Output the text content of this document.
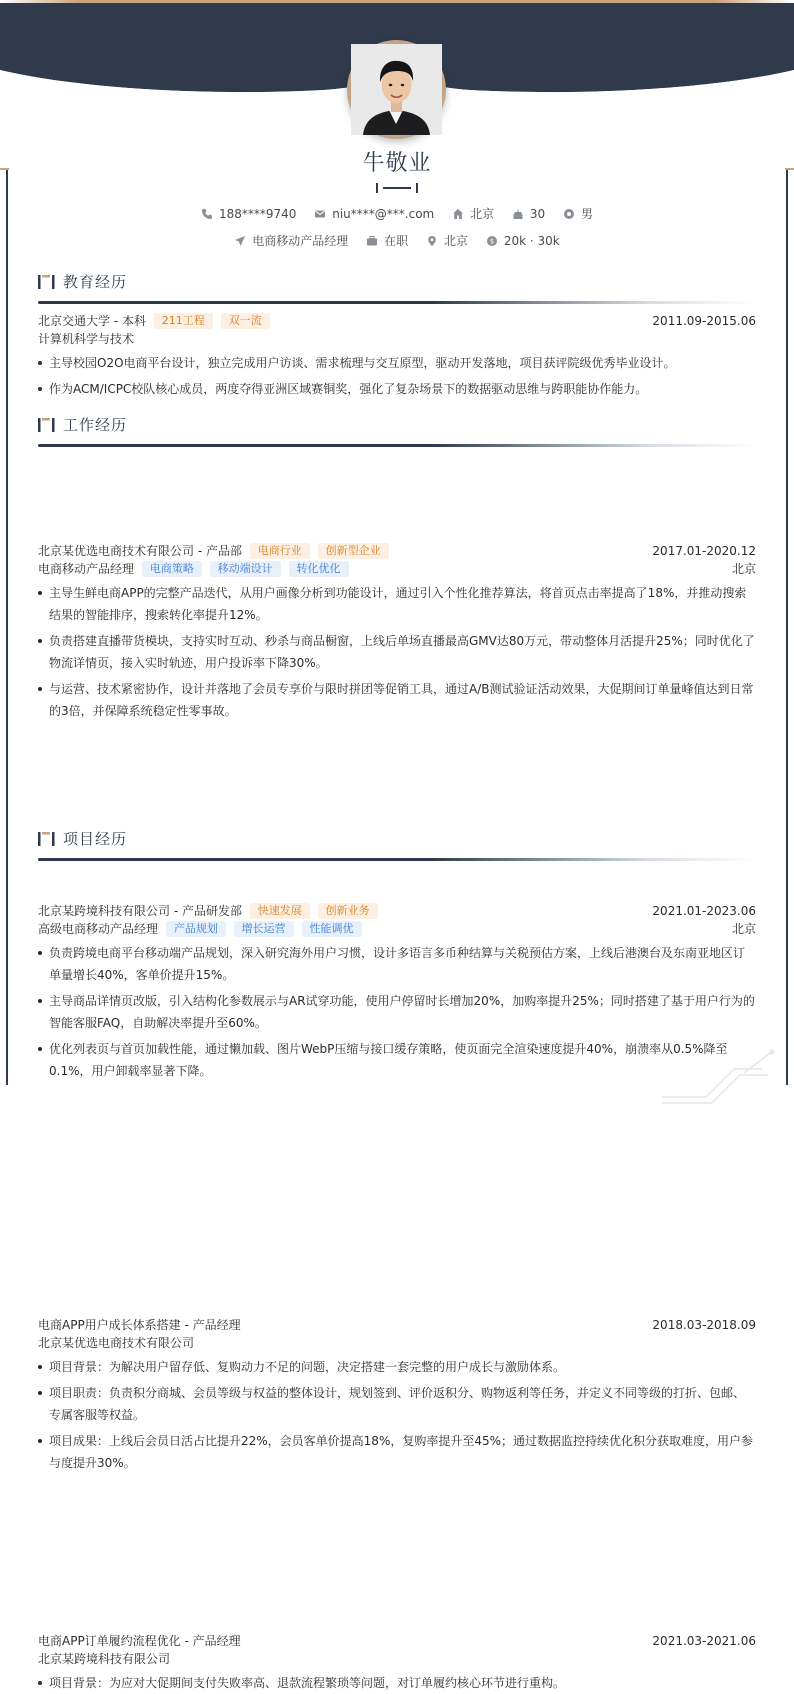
牛敬业
188****9740
	niu****@***.com
	北京
	30
	男
电商移动产品经理
	在职
	北京
	$ 20k · 30k
教育经历
北京交通大学 - 本科 211工程 双一流	2011.09-2015.06
计算机科学与技术
主导校园O2O电商平台设计，独立完成用户访谈、需求梳理与交互原型，驱动开发落地，项目获评院级优秀毕业设计。
作为ACM/ICPC校队核心成员，两度夺得亚洲区域赛铜奖，强化了复杂场景下的数据驱动思维与跨职能协作能力。
工作经历
北京某优选电商技术有限公司 - 产品部 电商行业 创新型企业	2017.01-2020.12
电商移动产品经理 电商策略 移动端设计 转化优化	北京
主导生鲜电商APP的完整产品迭代，从用户画像分析到功能设计，通过引入个性化推荐算法，将首页点击率提高了18%，并推动搜索结果的智能排序，搜索转化率提升12%。
负责搭建直播带货模块，支持实时互动、秒杀与商品橱窗，上线后单场直播最高GMV达80万元，带动整体月活提升25%；同时优化了物流详情页，接入实时轨迹，用户投诉率下降30%。
与运营、技术紧密协作，设计并落地了会员专享价与限时拼团等促销工具，通过A/B测试验证活动效果，大促期间订单量峰值达到日常的3倍，并保障系统稳定性零事故。
北京某跨境科技有限公司 - 产品研发部 快速发展 创新业务	2021.01-2023.06
高级电商移动产品经理 产品规划 增长运营 性能调优	北京
负责跨境电商平台移动端产品规划，深入研究海外用户习惯，设计多语言多币种结算与关税预估方案，上线后港澳台及东南亚地区订单量增长40%，客单价提升15%。
主导商品详情页改版，引入结构化参数展示与AR试穿功能，使用户停留时长增加20%，加购率提升25%；同时搭建了基于用户行为的智能客服FAQ，自助解决率提升至60%。
优化列表页与首页加载性能，通过懒加载、图片WebP压缩与接口缓存策略，使页面完全渲染速度提升40%，崩溃率从0.5%降至0.1%，用户卸载率显著下降。
项目经历
电商APP用户成长体系搭建 - 产品经理	2018.03-2018.09
北京某优选电商技术有限公司
项目背景：为解决用户留存低、复购动力不足的问题，决定搭建一套完整的用户成长与激励体系。
项目职责：负责积分商城、会员等级与权益的整体设计，规划签到、评价返积分、购物返利等任务，并定义不同等级的打折、包邮、专属客服等权益。
项目成果：上线后会员日活占比提升22%，会员客单价提高18%，复购率提升至45%；通过数据监控持续优化积分获取难度，用户参与度提升30%。
电商APP订单履约流程优化 - 产品经理	2021.03-2021.06
北京某跨境科技有限公司
项目背景：为应对大促期间支付失败率高、退款流程繁琐等问题，对订单履约核心环节进行重构。
